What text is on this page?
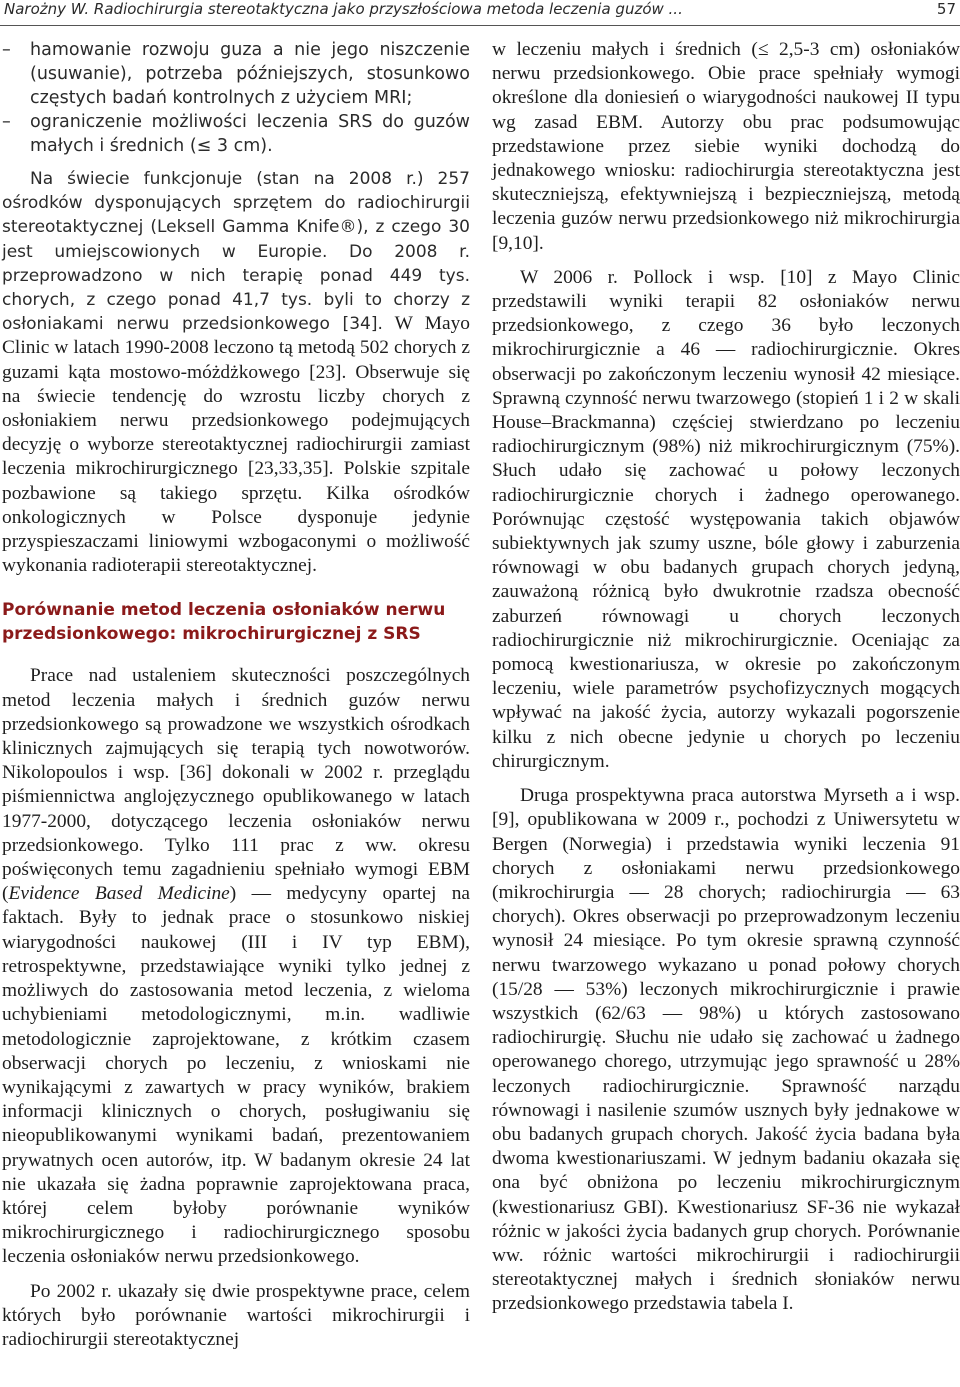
Narożny W. Radiochirurgia stereotaktyczna jako przyszłościowa metoda leczenia guzów ...	57
– hamowanie rozwoju guza a nie jego niszczenie (usuwanie), potrzeba późniejszych, stosunkowo częstych badań kontrolnych z użyciem MRI;
– ograniczenie możliwości leczenia SRS do guzów małych i średnich (≤ 3 cm).

Na świecie funkcjonuje (stan na 2008 r.) 257 ośrodków dysponujących sprzętem do radiochirurgii stereotaktycznej (Leksell Gamma Knife®), z czego 30 jest umiejscowionych w Europie. Do 2008 r. przeprowadzono w nich terapię ponad 449 tys. chorych, z czego ponad 41,7 tys. byli to chorzy z osłoniakami nerwu przedsionkowego [34]. W Mayo Clinic w latach 1990-2008 leczono tą metodą 502 chorych z guzami kąta mostowo-móżdżkowego [23]. Obserwuje się na świecie tendencję do wzrostu liczby chorych z osłoniakiem nerwu przedsionkowego podejmujących decyzję o wyborze stereotaktycznej radiochirurgii zamiast leczenia mikrochirurgicznego [23,33,35]. Polskie szpitale pozbawione są takiego sprzętu. Kilka ośrodków onkologicznych w Polsce dysponuje jedynie przyspieszaczami liniowymi wzbogaconymi o możliwość wykonania radioterapii stereotaktycznej.

Porównanie metod leczenia osłoniaków nerwu przedsionkowego: mikrochirurgicznej z SRS

Prace nad ustaleniem skuteczności poszczególnych metod leczenia małych i średnich guzów nerwu przedsionkowego są prowadzone we wszystkich ośrodkach klinicznych zajmujących się terapią tych nowotworów. Nikolopoulos i wsp. [36] dokonali w 2002 r. przeglądu piśmiennictwa anglojęzycznego opublikowanego w latach 1977-2000, dotyczącego leczenia osłoniaków nerwu przedsionkowego. Tylko 111 prac z ww. okresu poświęconych temu zagadnieniu spełniało wymogi EBM (Evidence Based Medicine) — medycyny opartej na faktach. Były to jednak prace o stosunkowo niskiej wiarygodności naukowej (III i IV typ EBM), retrospektywne, przedstawiające wyniki tylko jednej z możliwych do zastosowania metod leczenia, z wieloma uchybieniami metodologicznymi, m.in. wadliwie metodologicznie zaprojektowane, z krótkim czasem obserwacji chorych po leczeniu, z wnioskami nie wynikającymi z zawartych w pracy wyników, brakiem informacji klinicznych o chorych, posługiwaniu się nieopublikowanymi wynikami badań, prezentowaniem prywatnych ocen autorów, itp. W badanym okresie 24 lat nie ukazała się żadna poprawnie zaprojektowana praca, której celem byłoby porównanie wyników mikrochirurgicznego i radiochirurgicznego sposobu leczenia osłoniaków nerwu przedsionkowego.

Po 2002 r. ukazały się dwie prospektywne prace, celem których było porównanie wartości mikrochirurgii i radiochirurgii stereotaktycznej

w leczeniu małych i średnich (≤ 2,5-3 cm) osłoniaków nerwu przedsionkowego. Obie prace spełniały wymogi określone dla doniesień o wiarygodności naukowej II typu wg zasad EBM. Autorzy obu prac podsumowując przedstawione przez siebie wyniki dochodzą do jednakowego wniosku: radiochirurgia stereotaktyczna jest skuteczniejszą, efektywniejszą i bezpieczniejszą, metodą leczenia guzów nerwu przedsionkowego niż mikrochirurgia [9,10].

W 2006 r. Pollock i wsp. [10] z Mayo Clinic przedstawili wyniki terapii 82 osłoniaków nerwu przedsionkowego, z czego 36 było leczonych mikrochirurgicznie a 46 — radiochirurgicznie. Okres obserwacji po zakończonym leczeniu wynosił 42 miesiące. Sprawną czynność nerwu twarzowego (stopień 1 i 2 w skali House–Brackmanna) częściej stwierdzano po leczeniu radiochirurgicznym (98%) niż mikrochirurgicznym (75%). Słuch udało się zachować u połowy leczonych radiochirurgicznie chorych i żadnego operowanego. Porównując częstość występowania takich objawów subiektywnych jak szumy uszne, bóle głowy i zaburzenia równowagi w obu badanych grupach chorych jedyną, zauważoną różnicą było dwukrotnie rzadsza obecność zaburzeń równowagi u chorych leczonych radiochirurgicznie niż mikrochirurgicznie. Oceniając za pomocą kwestionariusza, w okresie po zakończonym leczeniu, wiele parametrów psychofizycznych mogących wpływać na jakość życia, autorzy wykazali pogorszenie kilku z nich obecne jedynie u chorych po leczeniu chirurgicznym.

Druga prospektywna praca autorstwa Myrseth a i wsp. [9], opublikowana w 2009 r., pochodzi z Uniwersytetu w Bergen (Norwegia) i przedstawia wyniki leczenia 91 chorych z osłoniakami nerwu przedsionkowego (mikrochirurgia — 28 chorych; radiochirurgia — 63 chorych). Okres obserwacji po przeprowadzonym leczeniu wynosił 24 miesiące. Po tym okresie sprawną czynność nerwu twarzowego wykazano u ponad połowy chorych (15/28 — 53%) leczonych mikrochirurgicznie i prawie wszystkich (62/63 — 98%) u których zastosowano radiochirurgię. Słuchu nie udało się zachować u żadnego operowanego chorego, utrzymując jego sprawność u 28% leczonych radiochirurgicznie. Sprawność narządu równowagi i nasilenie szumów usznych były jednakowe w obu badanych grupach chorych. Jakość życia badana była dwoma kwestionariuszami. W jednym badaniu okazała się ona być obniżona po leczeniu mikrochirurgicznym (kwestionariusz GBI). Kwestionariusz SF-36 nie wykazał różnic w jakości życia badanych grup chorych. Porównanie ww. różnic wartości mikrochirurgii i radiochirurgii stereotaktycznej małych i średnich słoniaków nerwu przedsionkowego przedstawia tabela I.
